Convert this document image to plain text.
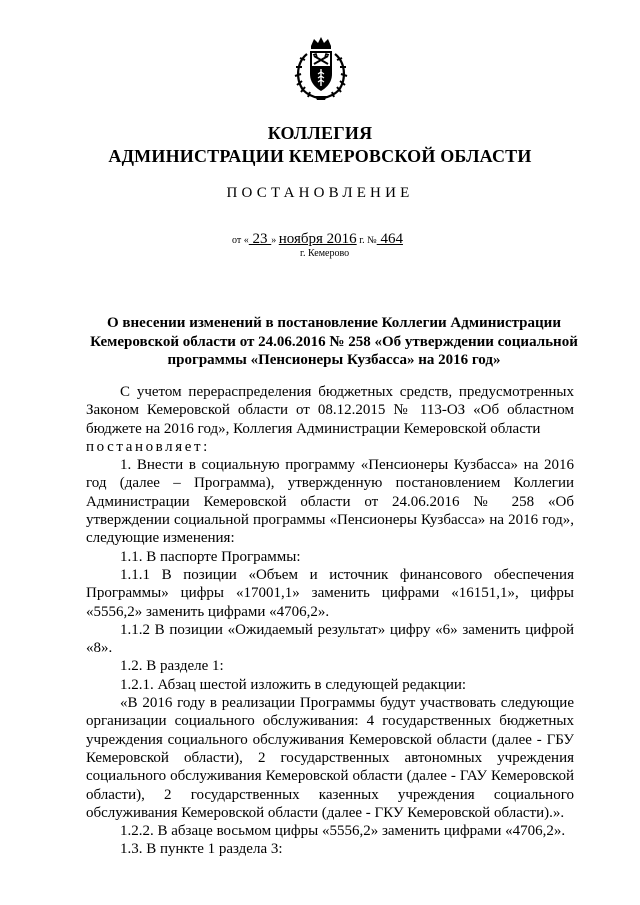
КОЛЛЕГИЯ
АДМИНИСТРАЦИИ КЕМЕРОВСКОЙ ОБЛАСТИ
ПОСТАНОВЛЕНИЕ
от « 23 » ноября 2016 г. № 464
г. Кемерово
О внесении изменений в постановление Коллегии Администрации Кемеровской области от 24.06.2016 № 258 «Об утверждении социальной программы «Пенсионеры Кузбасса» на 2016 год»

С учетом перераспределения бюджетных средств, предусмотренных Законом Кемеровской области от 08.12.2015 № 113-ОЗ «Об областном бюджете на 2016 год», Коллегия Администрации Кемеровской области
постановляет:

1. Внести в социальную программу «Пенсионеры Кузбасса» на 2016 год (далее – Программа), утвержденную постановлением Коллегии Администрации Кемеровской области от 24.06.2016 № 258 «Об утверждении социальной программы «Пенсионеры Кузбасса» на 2016 год», следующие изменения:

1.1. В паспорте Программы:

1.1.1 В позиции «Объем и источник финансового обеспечения Программы» цифры «17001,1» заменить цифрами «16151,1», цифры «5556,2» заменить цифрами «4706,2».

1.1.2 В позиции «Ожидаемый результат» цифру «6» заменить цифрой «8».

1.2. В разделе 1:

1.2.1. Абзац шестой изложить в следующей редакции:

«В 2016 году в реализации Программы будут участвовать следующие организации социального обслуживания: 4 государственных бюджетных учреждения социального обслуживания Кемеровской области (далее - ГБУ Кемеровской области), 2 государственных автономных учреждения социального обслуживания Кемеровской области (далее - ГАУ Кемеровской области), 2 государственных казенных учреждения социального обслуживания Кемеровской области (далее - ГКУ Кемеровской области).».

1.2.2. В абзаце восьмом цифры «5556,2» заменить цифрами «4706,2».

1.3. В пункте 1 раздела 3:
